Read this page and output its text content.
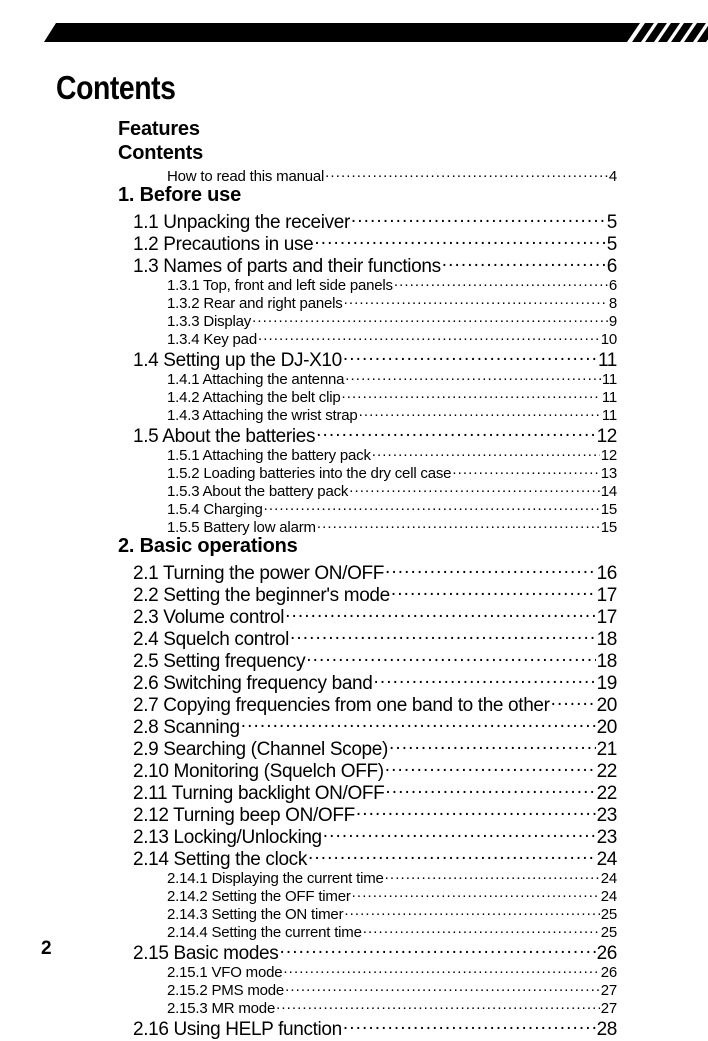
Contents
Features
Contents
How to read this manual .....	4
1. Before use
1.1 Unpacking the receiver .....	5
1.2 Precautions in use .....	5
1.3 Names of parts and their functions .....	6
1.3.1 Top, front and left side panels .....	6
1.3.2 Rear and right panels .....	8
1.3.3 Display .....	9
1.3.4 Key pad .....	10
1.4 Setting up the DJ-X10 .....	11
1.4.1 Attaching the antenna .....	11
1.4.2 Attaching the belt clip .....	11
1.4.3 Attaching the wrist strap .....	11
1.5 About the batteries .....	12
1.5.1 Attaching the battery pack .....	12
1.5.2 Loading batteries into the dry cell case .....	13
1.5.3 About the battery pack .....	14
1.5.4 Charging .....	15
1.5.5 Battery low alarm .....	15
2. Basic operations
2.1 Turning the power ON/OFF .....	16
2.2 Setting the beginner's mode .....	17
2.3 Volume control .....	17
2.4 Squelch control .....	18
2.5 Setting frequency .....	18
2.6 Switching frequency band .....	19
2.7 Copying frequencies from one band to the other ..... 20
2.8 Scanning .....	20
2.9 Searching (Channel Scope) .....	21
2.10 Monitoring (Squelch OFF) .....	22
2.11 Turning backlight ON/OFF .....	22
2.12 Turning beep ON/OFF .....	23
2.13 Locking/Unlocking .....	23
2.14 Setting the clock .....	24
2.14.1 Displaying the current time .....	24
2.14.2 Setting the OFF timer .....	24
2.14.3 Setting the ON timer .....	25
2.14.4 Setting the current time .....	25
2.15 Basic modes .....	26
2.15.1 VFO mode .....	26
2.15.2 PMS mode .....	27
2.15.3 MR mode .....	27
2.16 Using HELP function .....	28
2
